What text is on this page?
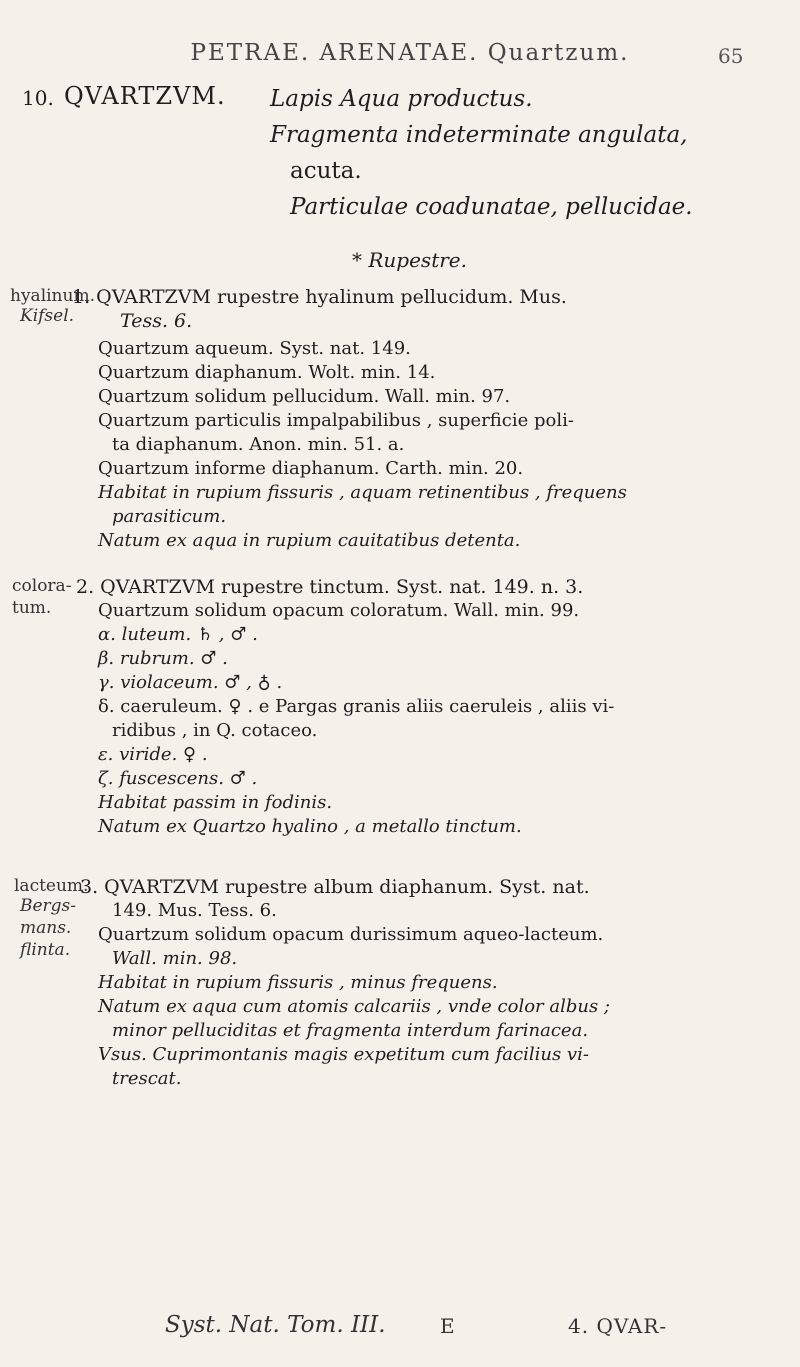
PETRAE. ARENATAE. Quartzum.	65
10. QVARTZVM. Lapis Aqua productus.
Fragmenta indeterminate angulata,
acuta.
Particulae coadunatae, pellucidae.
* Rupestre.
hyalinum.
Kifsel.
1. QVARTZVM rupestre hyalinum pellucidum. Mus.
Tess. 6.
Quartzum aqueum. Syst. nat. 149.
Quartzum diaphanum. Wolt. min. 14.
Quartzum solidum pellucidum. Wall. min. 97.
Quartzum particulis impalpabilibus , superficie poli-
ta diaphanum. Anon. min. 51. a.
Quartzum informe diaphanum. Carth. min. 20.
Habitat in rupium fissuris , aquam retinentibus , frequens
parasiticum.
Natum ex aqua in rupium cauitatibus detenta.
colora-
tum.
2. QVARTZVM rupestre tinctum. Syst. nat. 149. n. 3.
Quartzum solidum opacum coloratum. Wall. min. 99.
α. luteum. ♄ , ♂ .
β. rubrum. ♂ .
γ. violaceum. ♂ , ♁ .
δ. caeruleum. ♀ . e Pargas granis aliis caeruleis , aliis vi-
ridibus , in Q. cotaceo.
ε. viride. ♀ .
ζ. fuscescens. ♂ .
Habitat passim in fodinis.
Natum ex Quartzo hyalino , a metallo tinctum.
lacteum.
Bergs-
mans.
flinta.
3. QVARTZVM rupestre album diaphanum. Syst. nat.
149. Mus. Tess. 6.
Quartzum solidum opacum durissimum aqueo-lacteum.
Wall. min. 98.
Habitat in rupium fissuris , minus frequens.
Natum ex aqua cum atomis calcariis , vnde color albus ;
minor pelluciditas et fragmenta interdum farinacea.
Vsus. Cuprimontanis magis expetitum cum facilius vi-
trescat.
Syst. Nat. Tom. III.	E	4. QVAR-
